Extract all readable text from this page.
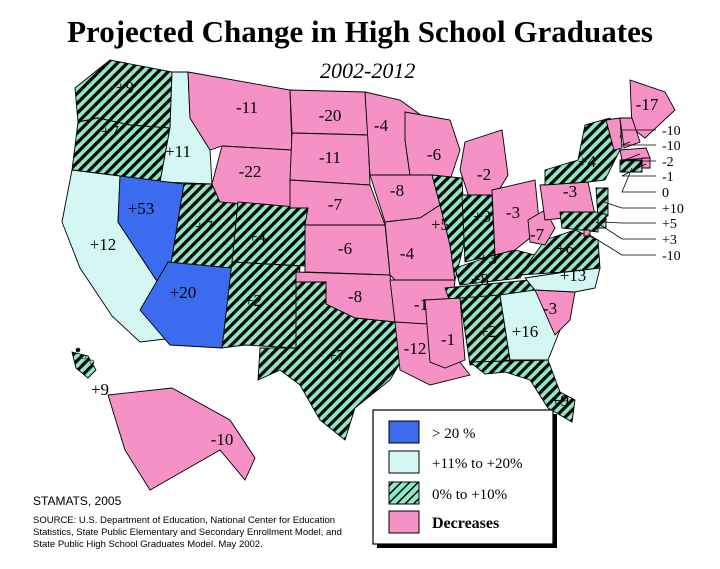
Projected Change in High School Graduates
2002-2012
+9
+7
+12
+11
+53
+7
+20
-11
-22
+4
+2
-20
-11
-7
-6
-8
+7
-4
-8
-4
-1
-12
-6
+5
-2
+3 -3
+3
+8
-1 +2 +16
+9
-3
+13
+6
-7
-3
+4
-17
-10
-10
-2
-1
0
+10
+5
+3
-10
+9
-10	> 20 %
+11% to +20%
0% to +10%
Decreases
STAMATS, 2005
SOURCE: U.S. Department of Education, National Center for Education Statistics, State Public Elementary and Secondary Enrollment Model, and State Public High School Graduates Model. May 2002.
